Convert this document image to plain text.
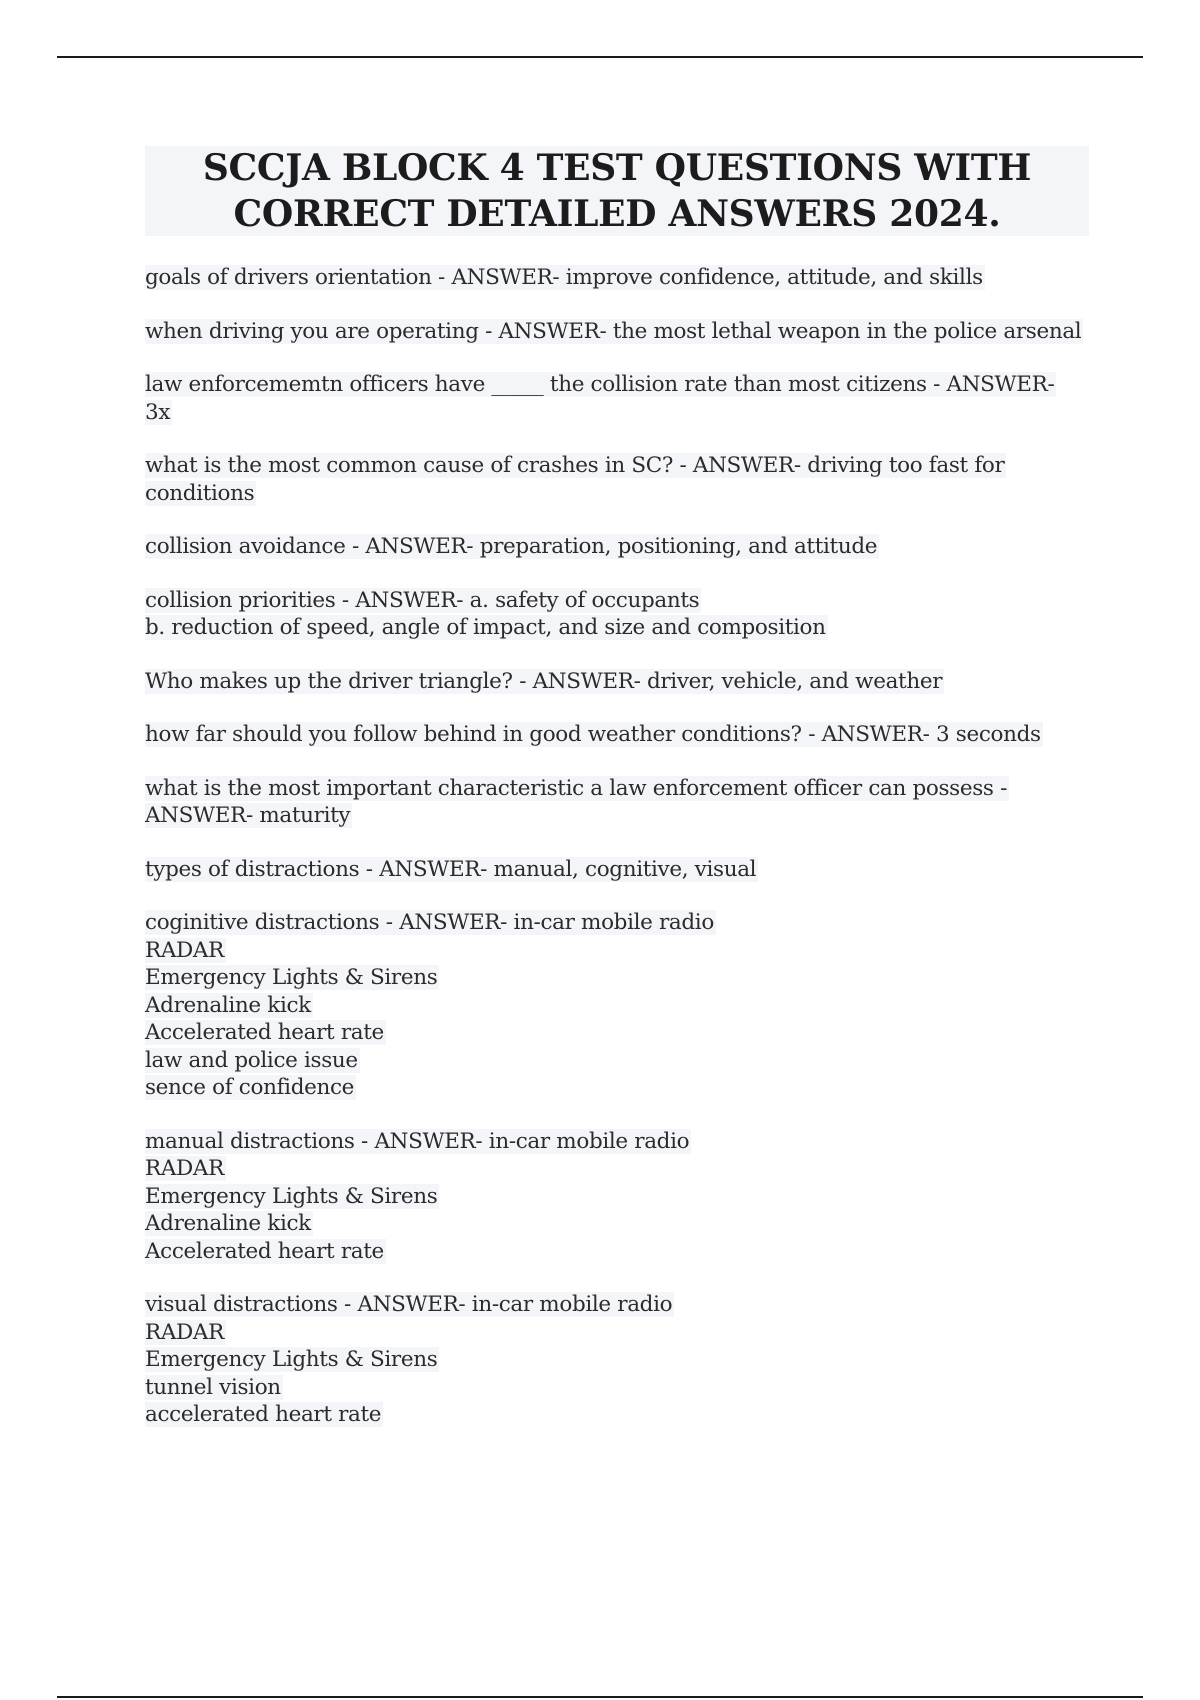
SCCJA BLOCK 4 TEST QUESTIONS WITH
CORRECT DETAILED ANSWERS 2024.
goals of drivers orientation - ANSWER- improve confidence, attitude, and skills
when driving you are operating - ANSWER- the most lethal weapon in the police arsenal
law enforcememtn officers have _____ the collision rate than most citizens - ANSWER-
3x
what is the most common cause of crashes in SC? - ANSWER- driving too fast for
conditions
collision avoidance - ANSWER- preparation, positioning, and attitude
collision priorities - ANSWER- a. safety of occupants
b. reduction of speed, angle of impact, and size and composition
Who makes up the driver triangle? - ANSWER- driver, vehicle, and weather
how far should you follow behind in good weather conditions? - ANSWER- 3 seconds
what is the most important characteristic a law enforcement officer can possess -
ANSWER- maturity
types of distractions - ANSWER- manual, cognitive, visual
coginitive distractions - ANSWER- in-car mobile radio
RADAR
Emergency Lights & Sirens
Adrenaline kick
Accelerated heart rate
law and police issue
sence of confidence
manual distractions - ANSWER- in-car mobile radio
RADAR
Emergency Lights & Sirens
Adrenaline kick
Accelerated heart rate
visual distractions - ANSWER- in-car mobile radio
RADAR
Emergency Lights & Sirens
tunnel vision
accelerated heart rate
